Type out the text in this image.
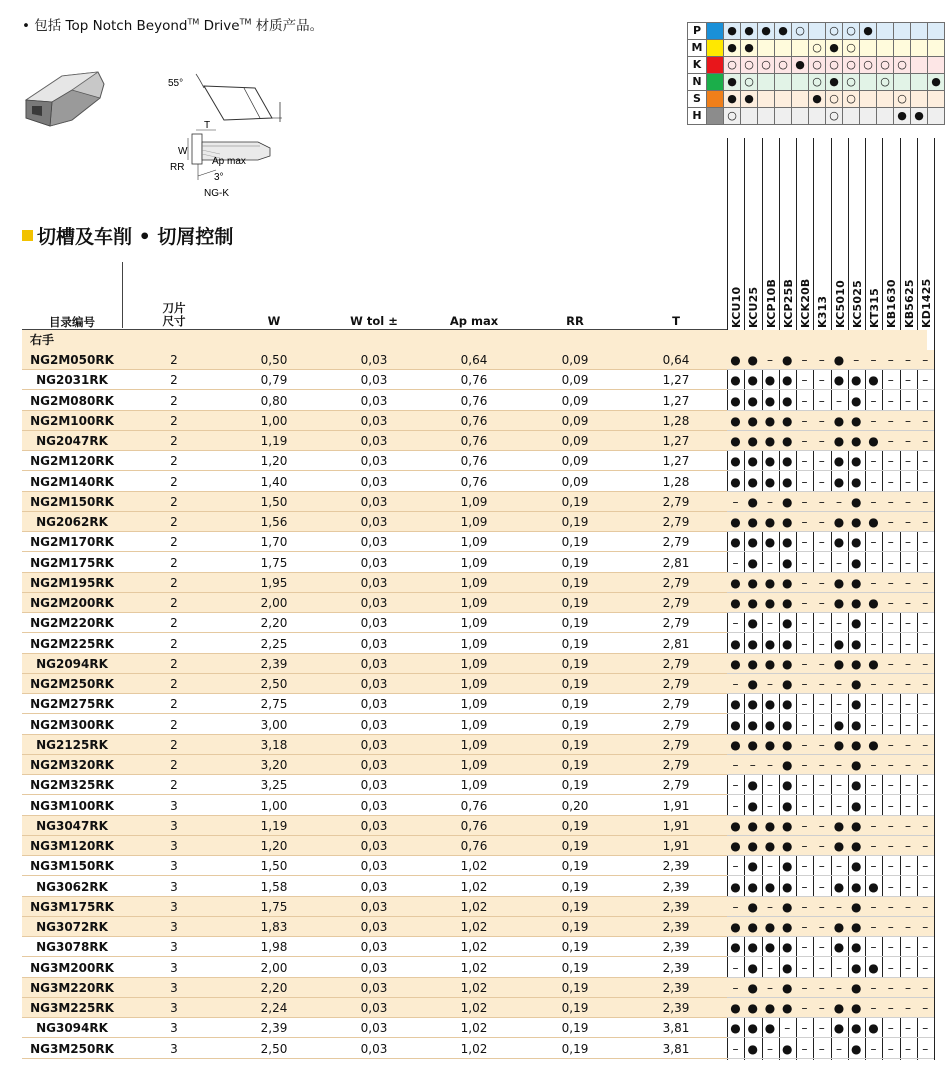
• 包括 Top Notch Beyond™ Drive™ 材质产品。
55°
T
W
RR
Ap max
3°
NG-K
P		●	●	●	●	○		○	○	●				
M		●	●				○	●	○					
K		○	○	○	○	●	○	○	○	○	○	○		
N		●	○				○	●	○		○			●
S		●	●				●	○	○			○		
H		○						○				●	●	
KCU10 KCU25 KCP10B KCP25B KCK20B K313 KC5010 KC5025 KT315 KB1630 KB5625 KD1425
切槽及车削 • 切屑控制
目录编号
刀片
尺寸	W	W tol ±	Ap max	RR	T
右手
NG2M050RK	2	0,50	0,03	0,64	0,09	0,64	● ● – ● – – ● – – – – –
NG2031RK	2	0,79	0,03	0,76	0,09	1,27	● ● ● ● – – ● ● ● – – –
NG2M080RK	2	0,80	0,03	0,76	0,09	1,27	● ● ● ● – – – ● – – – –
NG2M100RK	2	1,00	0,03	0,76	0,09	1,28	● ● ● ● – – ● ● – – – –
NG2047RK	2	1,19	0,03	0,76	0,09	1,27	● ● ● ● – – ● ● ● – – –
NG2M120RK	2	1,20	0,03	0,76	0,09	1,27	● ● ● ● – – ● ● – – – –
NG2M140RK	2	1,40	0,03	0,76	0,09	1,28	● ● ● ● – – ● ● – – – –
NG2M150RK	2	1,50	0,03	1,09	0,19	2,79	– ● – ● – – – ● – – – –
NG2062RK	2	1,56	0,03	1,09	0,19	2,79	● ● ● ● – – ● ● ● – – –
NG2M170RK	2	1,70	0,03	1,09	0,19	2,79	● ● ● ● – – ● ● – – – –
NG2M175RK	2	1,75	0,03	1,09	0,19	2,81	– ● – ● – – – ● – – – –
NG2M195RK	2	1,95	0,03	1,09	0,19	2,79	● ● ● ● – – ● ● – – – –
NG2M200RK	2	2,00	0,03	1,09	0,19	2,79	● ● ● ● – – ● ● ● – – –
NG2M220RK	2	2,20	0,03	1,09	0,19	2,79	– ● – ● – – – ● – – – –
NG2M225RK	2	2,25	0,03	1,09	0,19	2,81	● ● ● ● – – ● ● – – – –
NG2094RK	2	2,39	0,03	1,09	0,19	2,79	● ● ● ● – – ● ● ● – – –
NG2M250RK	2	2,50	0,03	1,09	0,19	2,79	– ● – ● – – – ● – – – –
NG2M275RK	2	2,75	0,03	1,09	0,19	2,79	● ● ● ● – – – ● – – – –
NG2M300RK	2	3,00	0,03	1,09	0,19	2,79	● ● ● ● – – ● ● – – – –
NG2125RK	2	3,18	0,03	1,09	0,19	2,79	● ● ● ● – – ● ● ● – – –
NG2M320RK	2	3,20	0,03	1,09	0,19	2,79	– – – ● – – – ● – – – –
NG2M325RK	2	3,25	0,03	1,09	0,19	2,79	– ● – ● – – – ● – – – –
NG3M100RK	3	1,00	0,03	0,76	0,20	1,91	– ● – ● – – – ● – – – –
NG3047RK	3	1,19	0,03	0,76	0,19	1,91	● ● ● ● – – ● ● – – – –
NG3M120RK	3	1,20	0,03	0,76	0,19	1,91	● ● ● ● – – ● ● – – – –
NG3M150RK	3	1,50	0,03	1,02	0,19	2,39	– ● – ● – – – ● – – – –
NG3062RK	3	1,58	0,03	1,02	0,19	2,39	● ● ● ● – – ● ● ● – – –
NG3M175RK	3	1,75	0,03	1,02	0,19	2,39	– ● – ● – – – ● – – – –
NG3072RK	3	1,83	0,03	1,02	0,19	2,39	● ● ● ● – – ● ● – – – –
NG3078RK	3	1,98	0,03	1,02	0,19	2,39	● ● ● ● – – ● ● – – – –
NG3M200RK	3	2,00	0,03	1,02	0,19	2,39	– ● – ● – – – ● ● – – –
NG3M220RK	3	2,20	0,03	1,02	0,19	2,39	– ● – ● – – – ● – – – –
NG3M225RK	3	2,24	0,03	1,02	0,19	2,39	● ● ● ● – – ● ● – – – –
NG3094RK	3	2,39	0,03	1,02	0,19	3,81	● ● ● – – – ● ● ● – – –
NG3M250RK	3	2,50	0,03	1,02	0,19	3,81	– ● – ● – – – ● – – – –
